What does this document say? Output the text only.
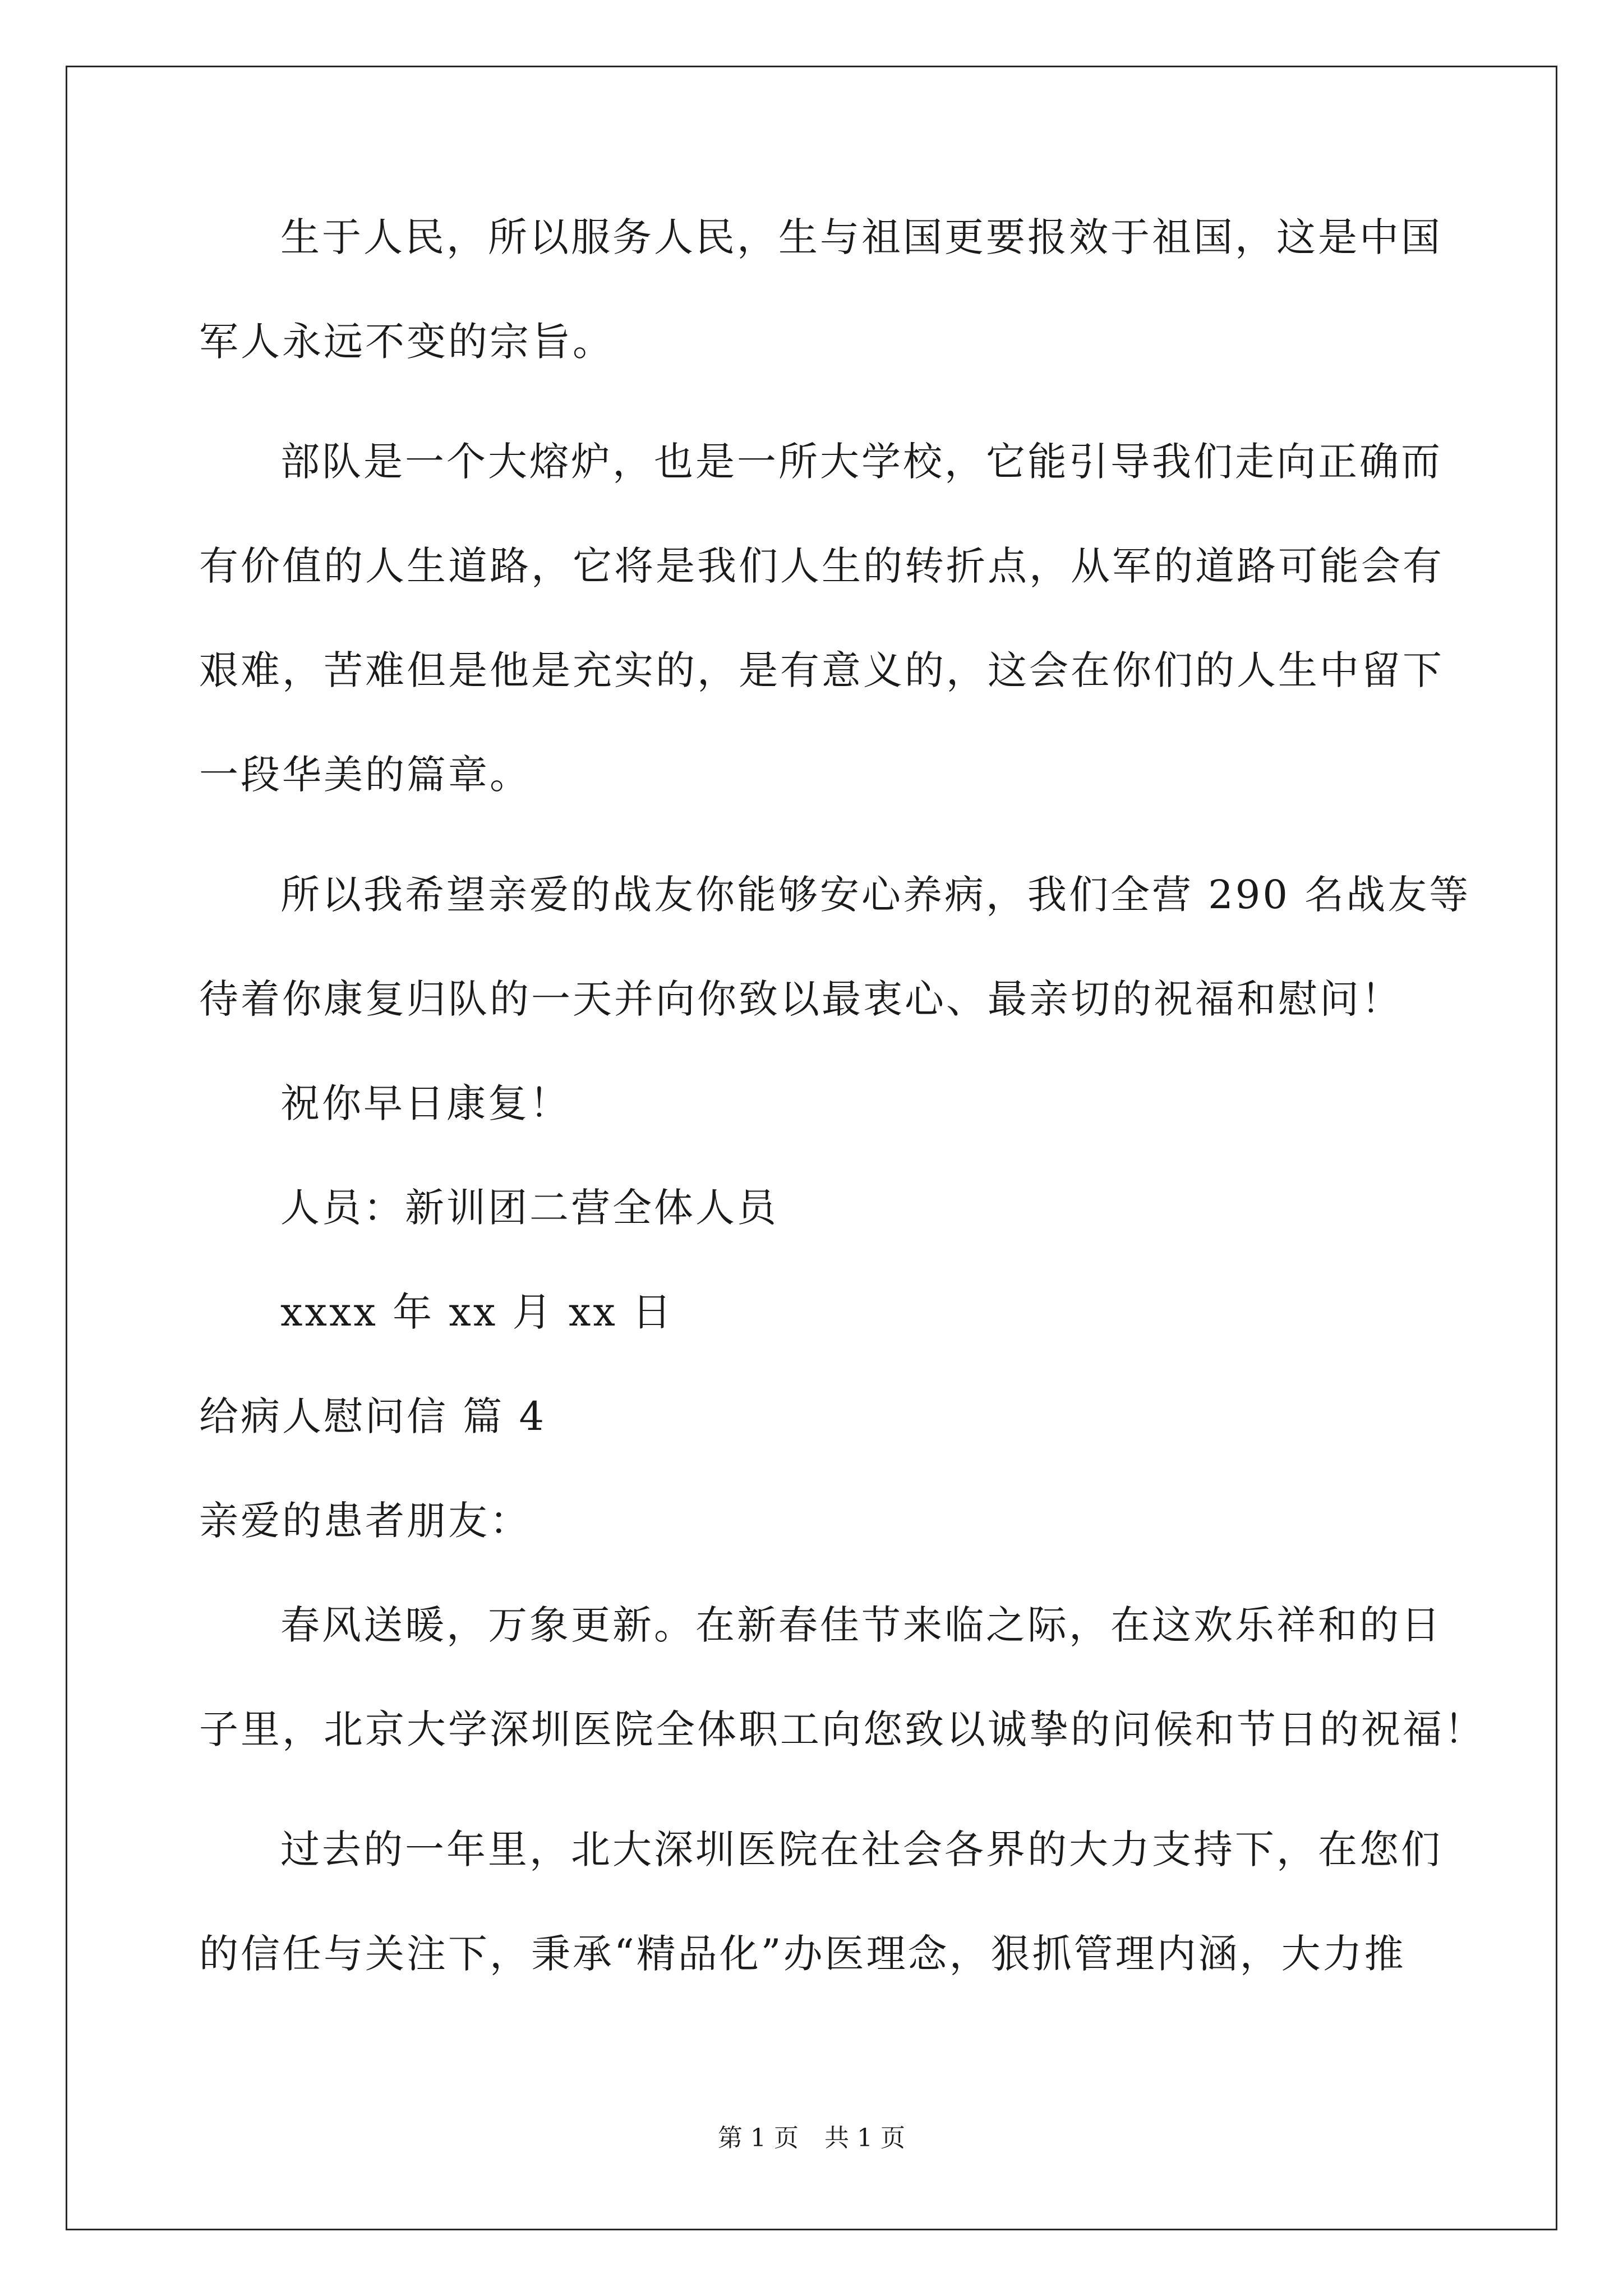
生于人民，所以服务人民，生与祖国更要报效于祖国，这是中国
军人永远不变的宗旨。
部队是一个大熔炉，也是一所大学校，它能引导我们走向正确而
有价值的人生道路，它将是我们人生的转折点，从军的道路可能会有
艰难，苦难但是他是充实的，是有意义的，这会在你们的人生中留下
一段华美的篇章。
所以我希望亲爱的战友你能够安心养病，我们全营 290 名战友等
待着你康复归队的一天并向你致以最衷心、最亲切的祝福和慰问！
祝你早日康复！
人员：新训团二营全体人员
xxxx 年 xx 月 xx 日
给病人慰问信 篇 4
亲爱的患者朋友：
春风送暖，万象更新。在新春佳节来临之际，在这欢乐祥和的日
子里，北京大学深圳医院全体职工向您致以诚挚的问候和节日的祝福！
过去的一年里，北大深圳医院在社会各界的大力支持下，在您们
的信任与关注下，秉承“精品化”办医理念，狠抓管理内涵，大力推
第 1 页 共 1 页
